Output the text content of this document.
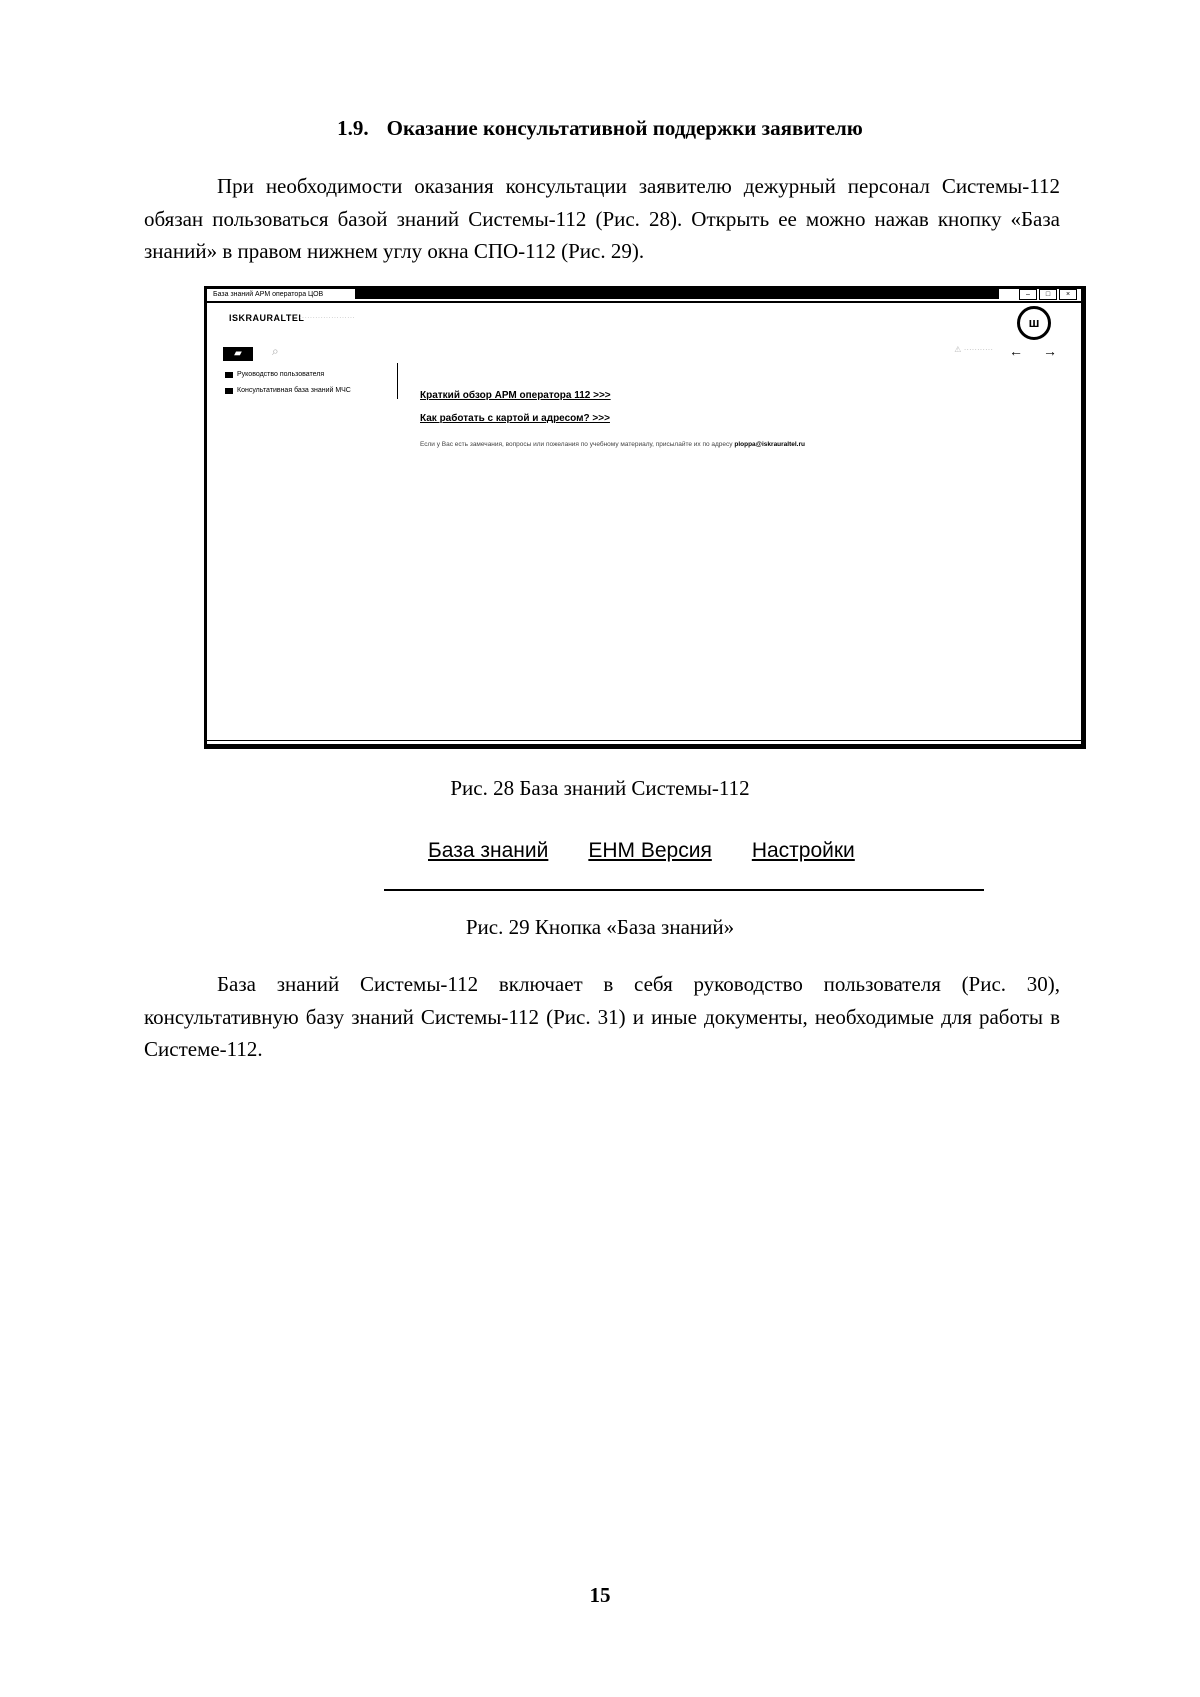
1.9. Оказание консультативной поддержки заявителю

При необходимости оказания консультации заявителю дежурный персонал Системы-112 обязан пользоваться базой знаний Системы-112 (Рис. 28). Открыть ее можно нажав кнопку «База знаний» в правом нижнем углу окна СПО-112 (Рис. 29).

База знаний АРМ оператора ЦОВ	–	□	×
ISKRAURALTEL
·····················	ш
▰	⌕	⚠ ··········· ← →
Руководство пользователя
Консультативная база знаний МЧС	Краткий обзор АРМ оператора 112 >>>
Как работать с картой и адресом? >>>
Если у Вас есть замечания, вопросы или пожелания по учебному материалу, присылайте их по адресу ploppa@iskrauraltel.ru
Рис. 28 База знаний Системы-112
База знаний ЕНМ Версия Настройки
Рис. 29 Кнопка «База знаний»

База знаний Системы-112 включает в себя руководство пользователя (Рис. 30), консультативную базу знаний Системы-112 (Рис. 31) и иные документы, необходимые для работы в Системе-112.

15
